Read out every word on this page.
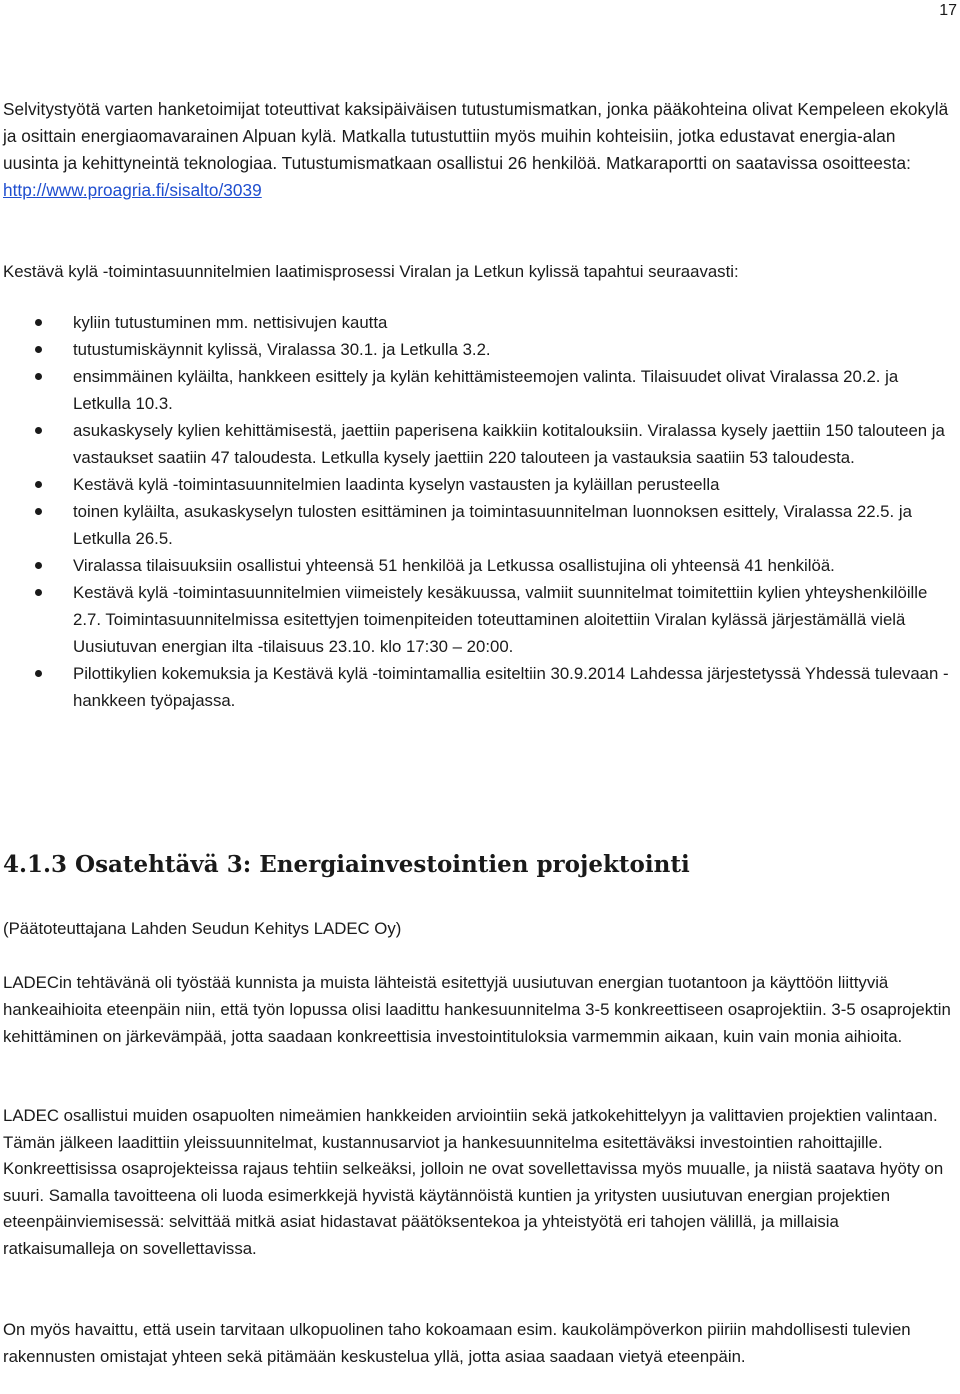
17

Selvitystyötä varten hanketoimijat toteuttivat kaksipäiväisen tutustumismatkan, jonka pääkohteina olivat Kempeleen ekokylä ja osittain energiaomavarainen Alpuan kylä. Matkalla tutustuttiin myös muihin kohteisiin, jotka edustavat energia-alan uusinta ja kehittyneintä teknologiaa. Tutustumismatkaan osallistui 26 henkilöä. Matkaraportti on saatavissa osoitteesta: http://www.proagria.fi/sisalto/3039

Kestävä kylä -toimintasuunnitelmien laatimisprosessi Viralan ja Letkun kylissä tapahtui seuraavasti:

kyliin tutustuminen mm. nettisivujen kautta
tutustumiskäynnit kylissä, Viralassa 30.1. ja Letkulla 3.2.
ensimmäinen kyläilta, hankkeen esittely ja kylän kehittämisteemojen valinta. Tilaisuudet olivat Viralassa 20.2. ja Letkulla 10.3.
asukaskysely kylien kehittämisestä, jaettiin paperisena kaikkiin kotitalouksiin. Viralassa kysely jaettiin 150 talouteen ja vastaukset saatiin 47 taloudesta. Letkulla kysely jaettiin 220 talouteen ja vastauksia saatiin 53 taloudesta.
Kestävä kylä -toimintasuunnitelmien laadinta kyselyn vastausten ja kyläillan perusteella
toinen kyläilta, asukaskyselyn tulosten esittäminen ja toimintasuunnitelman luonnoksen esittely, Viralassa 22.5. ja Letkulla 26.5.
Viralassa tilaisuuksiin osallistui yhteensä 51 henkilöä ja Letkussa osallistujina oli yhteensä 41 henkilöä.
Kestävä kylä -toimintasuunnitelmien viimeistely kesäkuussa, valmiit suunnitelmat toimitettiin kylien yhteyshenkilöille 2.7. Toimintasuunnitelmissa esitettyjen toimenpiteiden toteuttaminen aloitettiin Viralan kylässä järjestämällä vielä Uusiutuvan energian ilta -tilaisuus 23.10. klo 17:30 – 20:00.
Pilottikylien kokemuksia ja Kestävä kylä -toimintamallia esiteltiin 30.9.2014 Lahdessa järjestetyssä Yhdessä tulevaan -hankkeen työpajassa.
4.1.3 Osatehtävä 3: Energiainvestointien projektointi

(Päätoteuttajana Lahden Seudun Kehitys LADEC Oy)

LADECin tehtävänä oli työstää kunnista ja muista lähteistä esitettyjä uusiutuvan energian tuotantoon ja käyttöön liittyviä hankeaihioita eteenpäin niin, että työn lopussa olisi laadittu hankesuunnitelma 3-5 konkreettiseen osaprojektiin. 3-5 osaprojektin kehittäminen on järkevämpää, jotta saadaan konkreettisia investointituloksia varmemmin aikaan, kuin vain monia aihioita.

LADEC osallistui muiden osapuolten nimeämien hankkeiden arviointiin sekä jatkokehittelyyn ja valittavien projektien valintaan. Tämän jälkeen laadittiin yleissuunnitelmat, kustannusarviot ja hankesuunnitelma esitettäväksi investointien rahoittajille. Konkreettisissa osaprojekteissa rajaus tehtiin selkeäksi, jolloin ne ovat sovellettavissa myös muualle, ja niistä saatava hyöty on suuri. Samalla tavoitteena oli luoda esimerkkejä hyvistä käytännöistä kuntien ja yritysten uusiutuvan energian projektien eteenpäinviemisessä: selvittää mitkä asiat hidastavat päätöksentekoa ja yhteistyötä eri tahojen välillä, ja millaisia ratkaisumalleja on sovellettavissa.

On myös havaittu, että usein tarvitaan ulkopuolinen taho kokoamaan esim. kaukolämpöverkon piiriin mahdollisesti tulevien rakennusten omistajat yhteen sekä pitämään keskustelua yllä, jotta asiaa saadaan vietyä eteenpäin.
